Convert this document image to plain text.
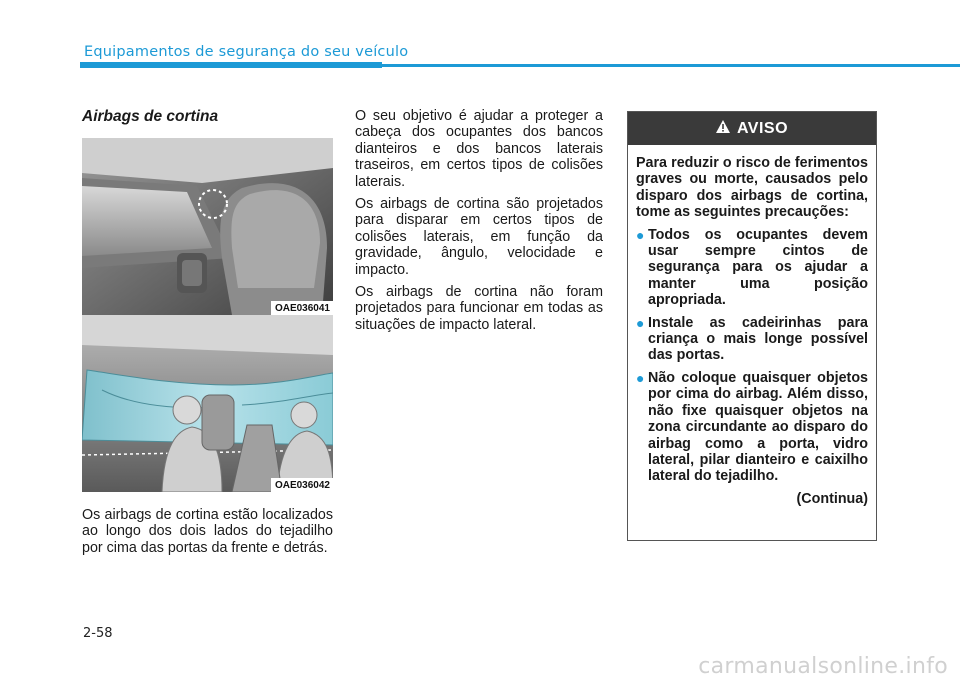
Equipamentos de segurança do seu veículo
Airbags de cortina
OAE036041
OAE036042

Os airbags de cortina estão localizados ao longo dos dois lados do tejadilho por cima das portas da frente e detrás.

O seu objetivo é ajudar a proteger a cabeça dos ocupantes dos bancos dianteiros e dos bancos laterais traseiros, em certos tipos de colisões laterais.

Os airbags de cortina são projetados para disparar em certos tipos de colisões laterais, em função da gravidade, ângulo, velocidade e impacto.

Os airbags de cortina não foram projetados para funcionar em todas as situações de impacto lateral.

AVISO

Para reduzir o risco de ferimentos graves ou morte, causados pelo disparo dos airbags de cortina, tome as seguintes precauções:

● Todos os ocupantes devem usar sempre cintos de segurança para os ajudar a manter uma posição apropriada.
● Instale as cadeirinhas para criança o mais longe possível das portas.
● Não coloque quaisquer objetos por cima do airbag. Além disso, não fixe quaisquer objetos na zona circundante ao disparo do airbag como a porta, vidro lateral, pilar dianteiro e caixilho lateral do tejadilho.

(Continua)

2-58
carmanualsonline.info
